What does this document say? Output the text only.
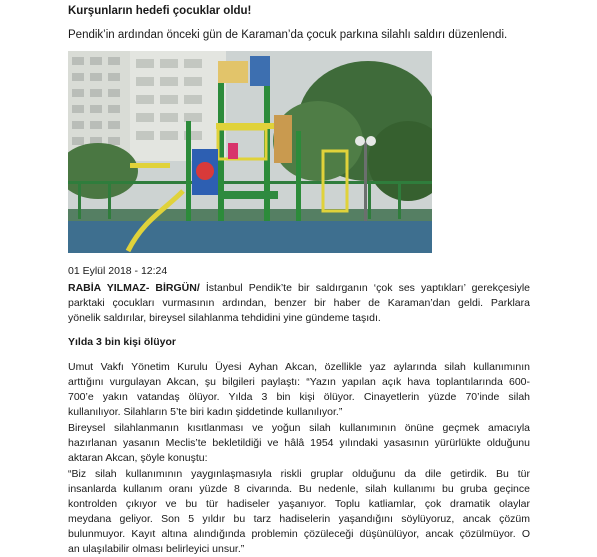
Kurşunların hedefi çocuklar oldu!
Pendik’in ardından önceki gün de Karaman’da çocuk parkına silahlı saldırı düzenlendi.
01 Eylül 2018 - 12:24

RABİA YILMAZ- BİRGÜN/ İstanbul Pendik’te bir saldırganın ‘çok ses yaptıkları’ gerekçesiyle
parktaki çocukları vurmasının ardından, benzer bir haber de Karaman’dan geldi. Parklara
yönelik saldırılar, bireysel silahlanma tehdidini yine gündeme taşıdı.

Yılda 3 bin kişi ölüyor

Umut Vakfı Yönetim Kurulu Üyesi Ayhan Akcan, özellikle yaz aylarında silah kullanımının
arttığını vurgulayan Akcan, şu bilgileri paylaştı: “Yazın yapılan açık hava toplantılarında 600-
700’e yakın vatandaş ölüyor. Yılda 3 bin kişi ölüyor. Cinayetlerin yüzde 70’inde silah
kullanılıyor. Silahların 5’te biri kadın şiddetinde kullanılıyor.”

Bireysel silahlanmanın kısıtlanması ve yoğun silah kullanımının önüne geçmek amacıyla
hazırlanan yasanın Meclis’te bekletildiği ve hâlâ 1954 yılındaki yasasının yürürlükte olduğunu
aktaran Akcan, şöyle konuştu:

“Biz silah kullanımının yaygınlaşmasıyla riskli gruplar olduğunu da dile getirdik. Bu tür
insanlarda kullanım oranı yüzde 8 civarında. Bu nedenle, silah kullanımı bu gruba geçince
kontrolden çıkıyor ve bu tür hadiseler yaşanıyor. Toplu katliamlar, çok dramatik olaylar
meydana geliyor. Son 5 yıldır bu tarz hadiselerin yaşandığını söylüyoruz, ancak çözüm
bulunmuyor. Kayıt altına alındığında problemin çözüleceği düşünülüyor, ancak çözülmüyor. O
an ulaşılabilir olması belirleyici unsur.”
